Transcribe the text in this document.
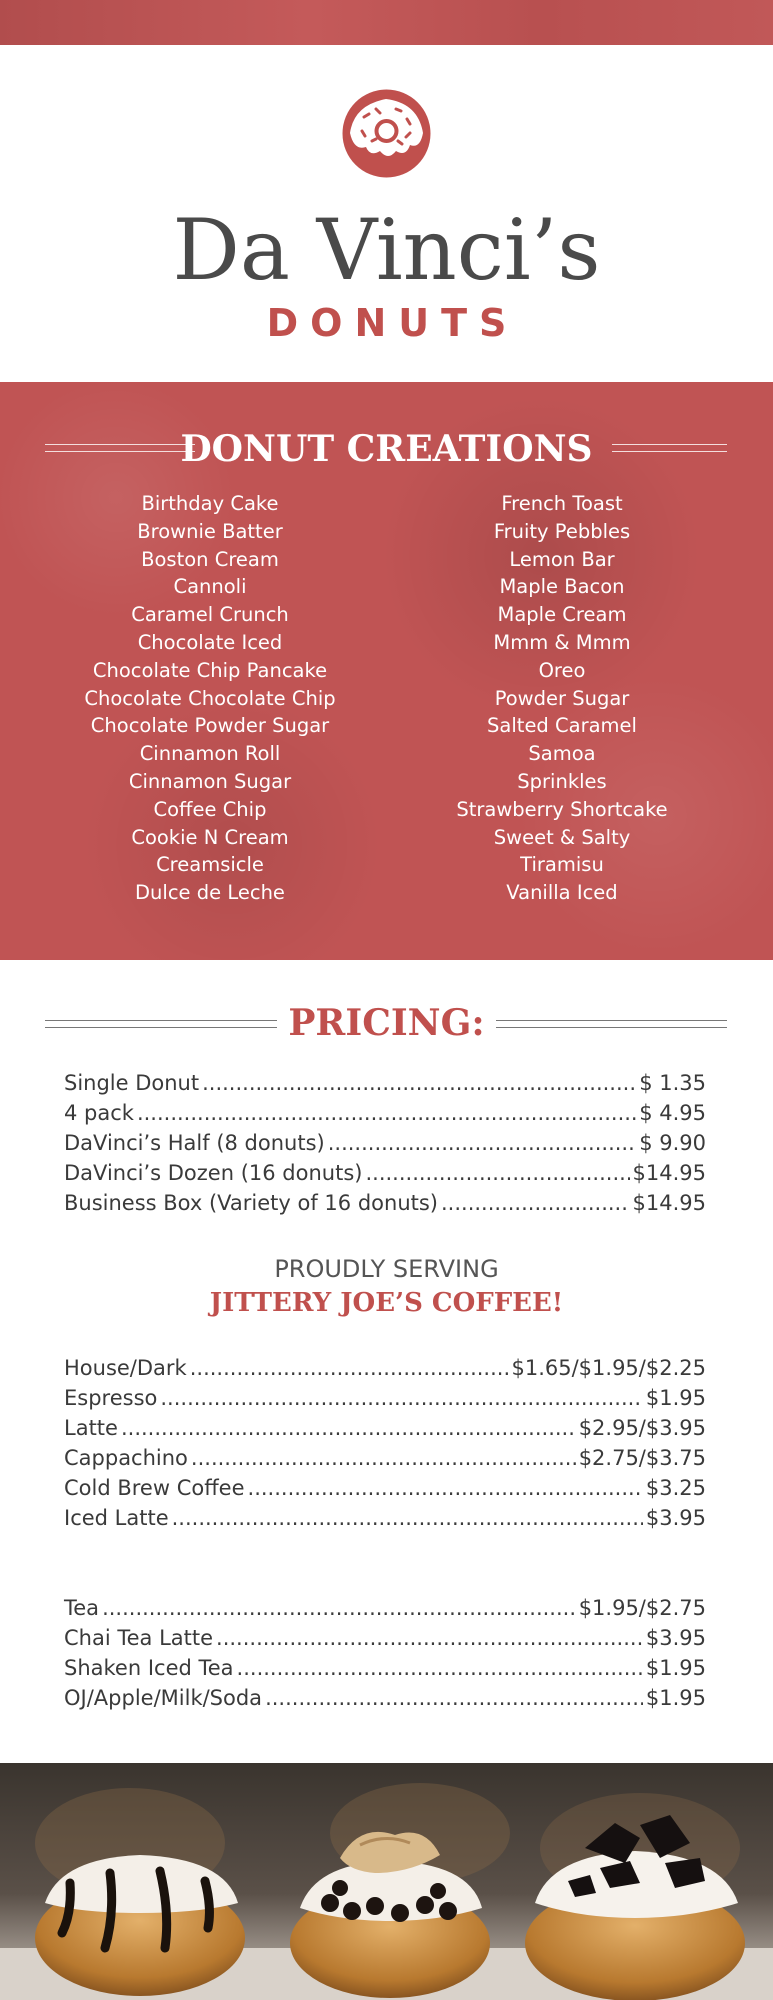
Da Vinci’s
DONUTS
DONUT CREATIONS
Birthday Cake
Brownie Batter
Boston Cream
Cannoli
Caramel Crunch
Chocolate Iced
Chocolate Chip Pancake
Chocolate Chocolate Chip
Chocolate Powder Sugar
Cinnamon Roll
Cinnamon Sugar
Coffee Chip
Cookie N Cream
Creamsicle
Dulce de Leche
French Toast
Fruity Pebbles
Lemon Bar
Maple Bacon
Maple Cream
Mmm & Mmm
Oreo
Powder Sugar
Salted Caramel
Samoa
Sprinkles
Strawberry Shortcake
Sweet & Salty
Tiramisu
Vanilla Iced
PRICING:
Single Donut .....	$ 1.35
4 pack .....	$ 4.95
DaVinci’s Half (8 donuts) .....	$ 9.90
DaVinci’s Dozen (16 donuts) .....	$14.95
Business Box (Variety of 16 donuts) .....	$14.95
PROUDLY SERVING
JITTERY JOE’S COFFEE!
House/Dark .....	$1.65/$1.95/$2.25
Espresso .....	$1.95
Latte .....	$2.95/$3.95
Cappachino .....	$2.75/$3.75
Cold Brew Coffee .....	$3.25
Iced Latte .....	$3.95
Tea .....	$1.95/$2.75
Chai Tea Latte .....	$3.95
Shaken Iced Tea .....	$1.95
OJ/Apple/Milk/Soda .....	$1.95
